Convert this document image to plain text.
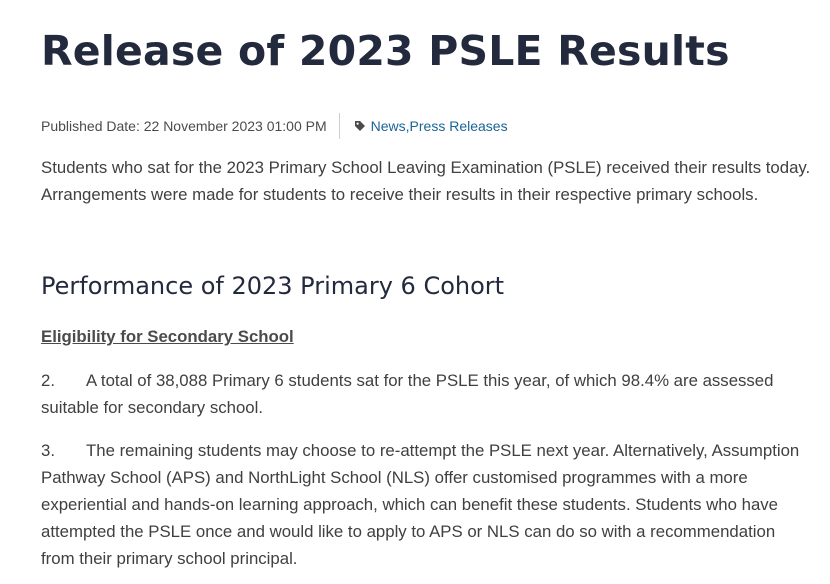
Release of 2023 PSLE Results
Published Date: 22 November 2023 01:00 PM	News , Press Releases

Students who sat for the 2023 Primary School Leaving Examination (PSLE) received their results today. Arrangements were made for students to receive their results in their respective primary schools.

Performance of 2023 Primary 6 Cohort
Eligibility for Secondary School

2. A total of 38,088 Primary 6 students sat for the PSLE this year, of which 98.4% are assessed suitable for secondary school.

3. The remaining students may choose to re-attempt the PSLE next year. Alternatively, Assumption Pathway School (APS) and NorthLight School (NLS) offer customised programmes with a more experiential and hands-on learning approach, which can benefit these students. Students who have attempted the PSLE once and would like to apply to APS or NLS can do so with a recommendation from their primary school principal.
